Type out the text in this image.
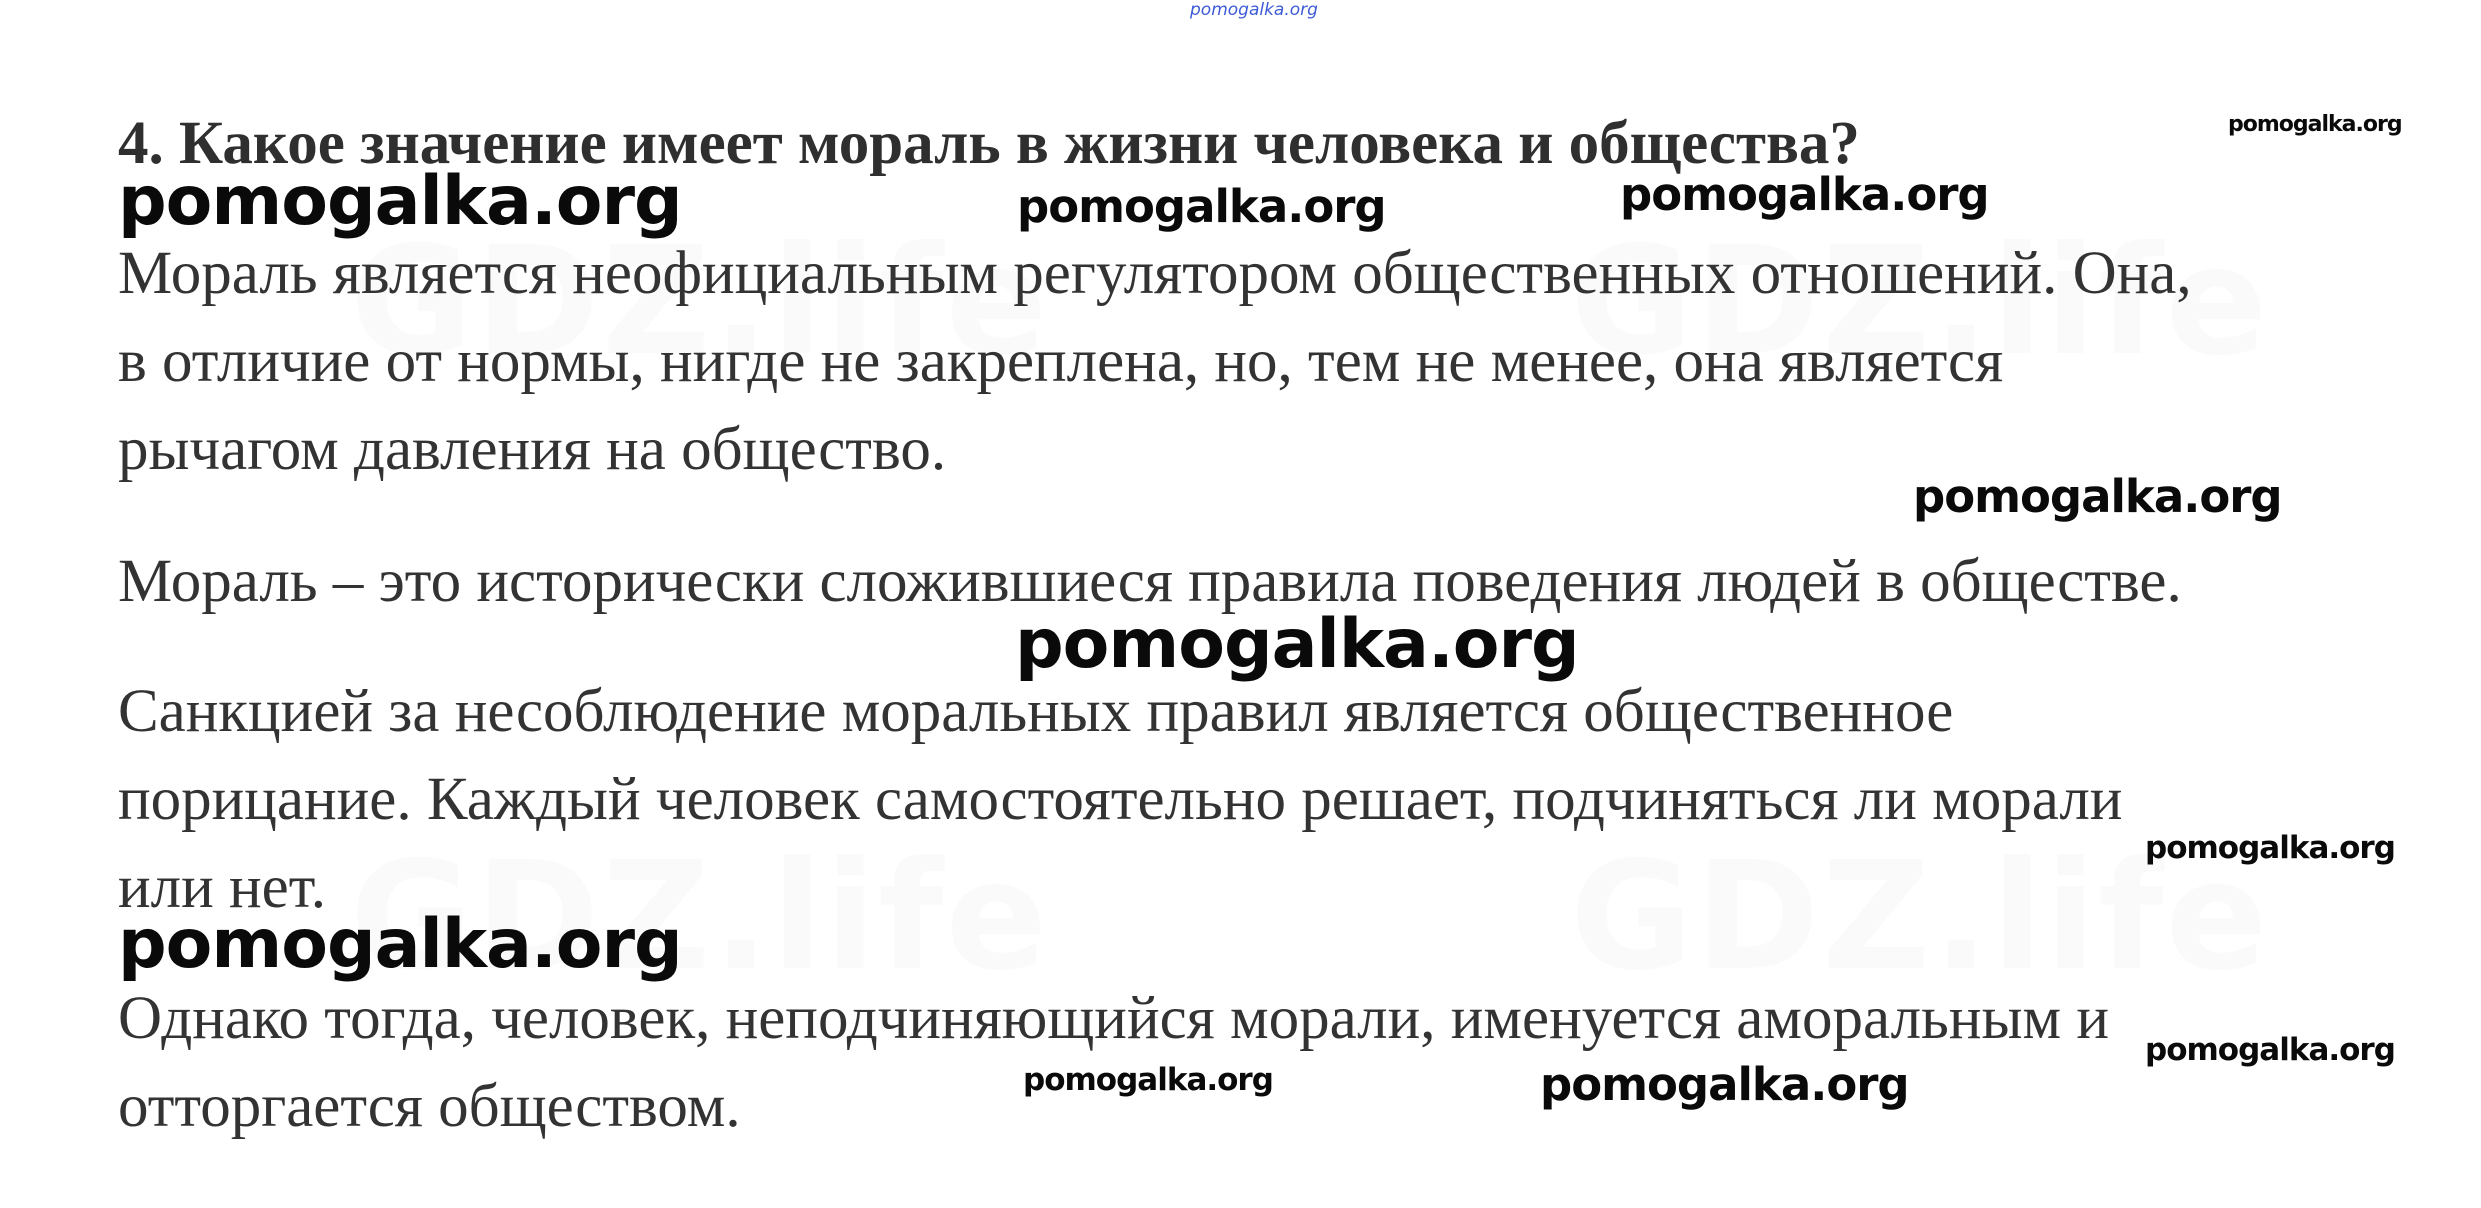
pomogalka.org
4. Какое значение имеет мораль в жизни человека и общества?
Мораль является неофициальным регулятором общественных отношений. Она,
в отличие от нормы, нигде не закреплена, но, тем не менее, она является
рычагом давления на общество.
Мораль – это исторически сложившиеся правила поведения людей в обществе.
Санкцией за несоблюдение моральных правил является общественное
порицание. Каждый человек самостоятельно решает, подчиняться ли морали
или нет.
Однако тогда, человек, неподчиняющийся морали, именуется аморальным и
отторгается обществом.
pomogalka.org
pomogalka.org	pomogalka.org	pomogalka.org
pomogalka.org
pomogalka.org
pomogalka.org
pomogalka.org
pomogalka.org
pomogalka.org	pomogalka.org
